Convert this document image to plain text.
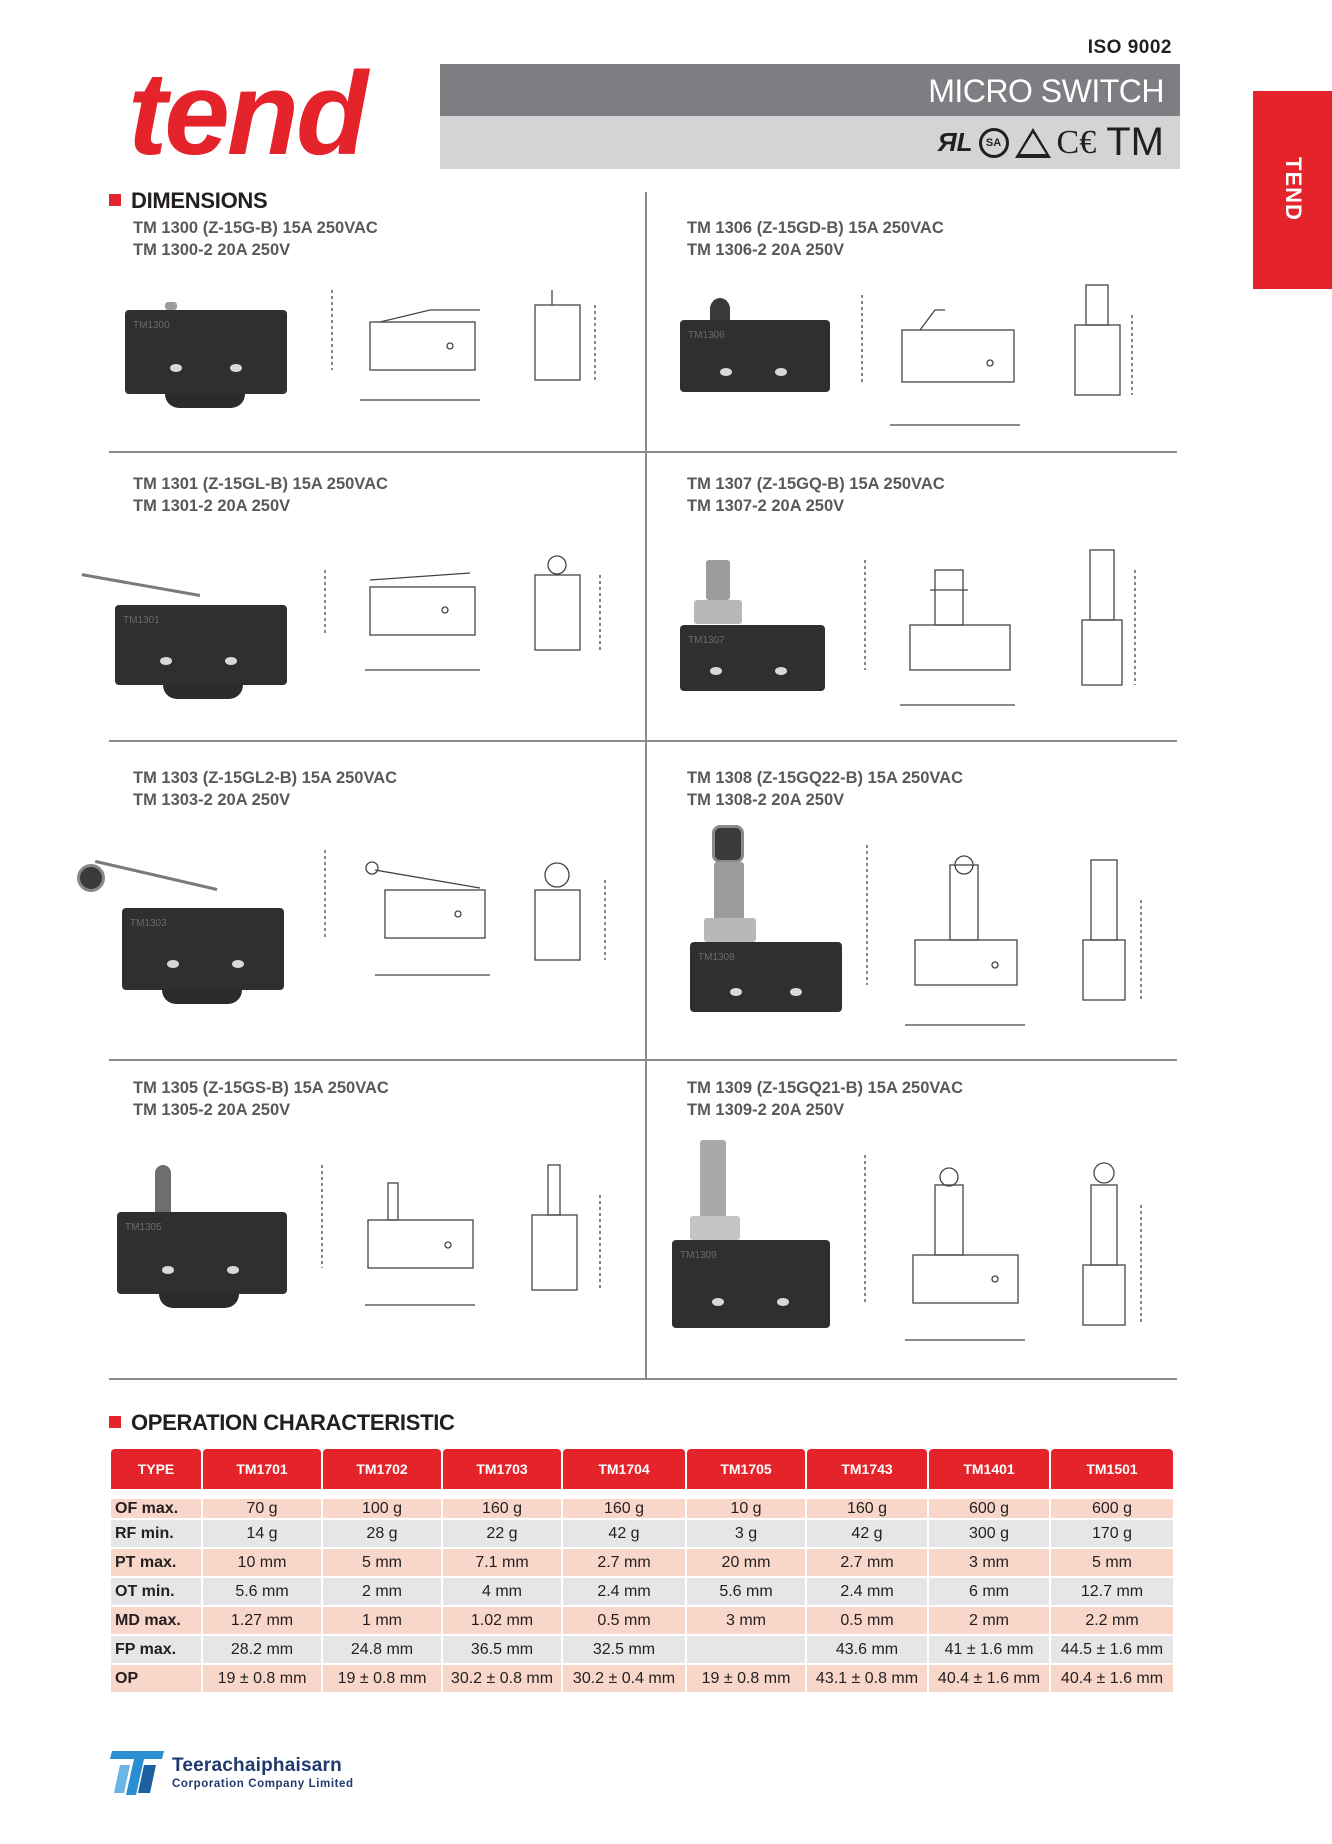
ISO 9002
tend	MICRO SWITCH
ЯL	SA C€ TM
TEND
DIMENSIONS
TM 1300 (Z-15G-B) 15A 250VAC
TM 1300-2 20A 250V
TM1300
TM 1306 (Z-15GD-B) 15A 250VAC
TM 1306-2 20A 250V
TM1306
TM 1301 (Z-15GL-B) 15A 250VAC
TM 1301-2 20A 250V
TM1301
TM 1307 (Z-15GQ-B) 15A 250VAC
TM 1307-2 20A 250V
TM1307
TM 1303 (Z-15GL2-B) 15A 250VAC
TM 1303-2 20A 250V
TM1303
TM 1308 (Z-15GQ22-B) 15A 250VAC
TM 1308-2 20A 250V
TM1308
TM 1305 (Z-15GS-B) 15A 250VAC
TM 1305-2 20A 250V
TM1305
TM 1309 (Z-15GQ21-B) 15A 250VAC
TM 1309-2 20A 250V
TM1309
OPERATION CHARACTERISTIC
TYPE	TM1701	TM1702	TM1703	TM1704	TM1705	TM1743	TM1401	TM1501
OF max.	70 g	100 g	160 g	160 g	10 g	160 g	600 g	600 g
RF min.	14 g	28 g	22 g	42 g	3 g	42 g	300 g	170 g
PT max.	10 mm	5 mm	7.1 mm	2.7 mm	20 mm	2.7 mm	3 mm	5 mm
OT min.	5.6 mm	2 mm	4 mm	2.4 mm	5.6 mm	2.4 mm	6 mm	12.7 mm
MD max.	1.27 mm	1 mm	1.02 mm	0.5 mm	3 mm	0.5 mm	2 mm	2.2 mm
FP max.	28.2 mm	24.8 mm	36.5 mm	32.5 mm		43.6 mm	41 ± 1.6 mm	44.5 ± 1.6 mm
OP	19 ± 0.8 mm	19 ± 0.8 mm	30.2 ± 0.8 mm	30.2 ± 0.4 mm	19 ± 0.8 mm	43.1 ± 0.8 mm	40.4 ± 1.6 mm	40.4 ± 1.6 mm
Teerachaiphaisarn
Corporation Company Limited
